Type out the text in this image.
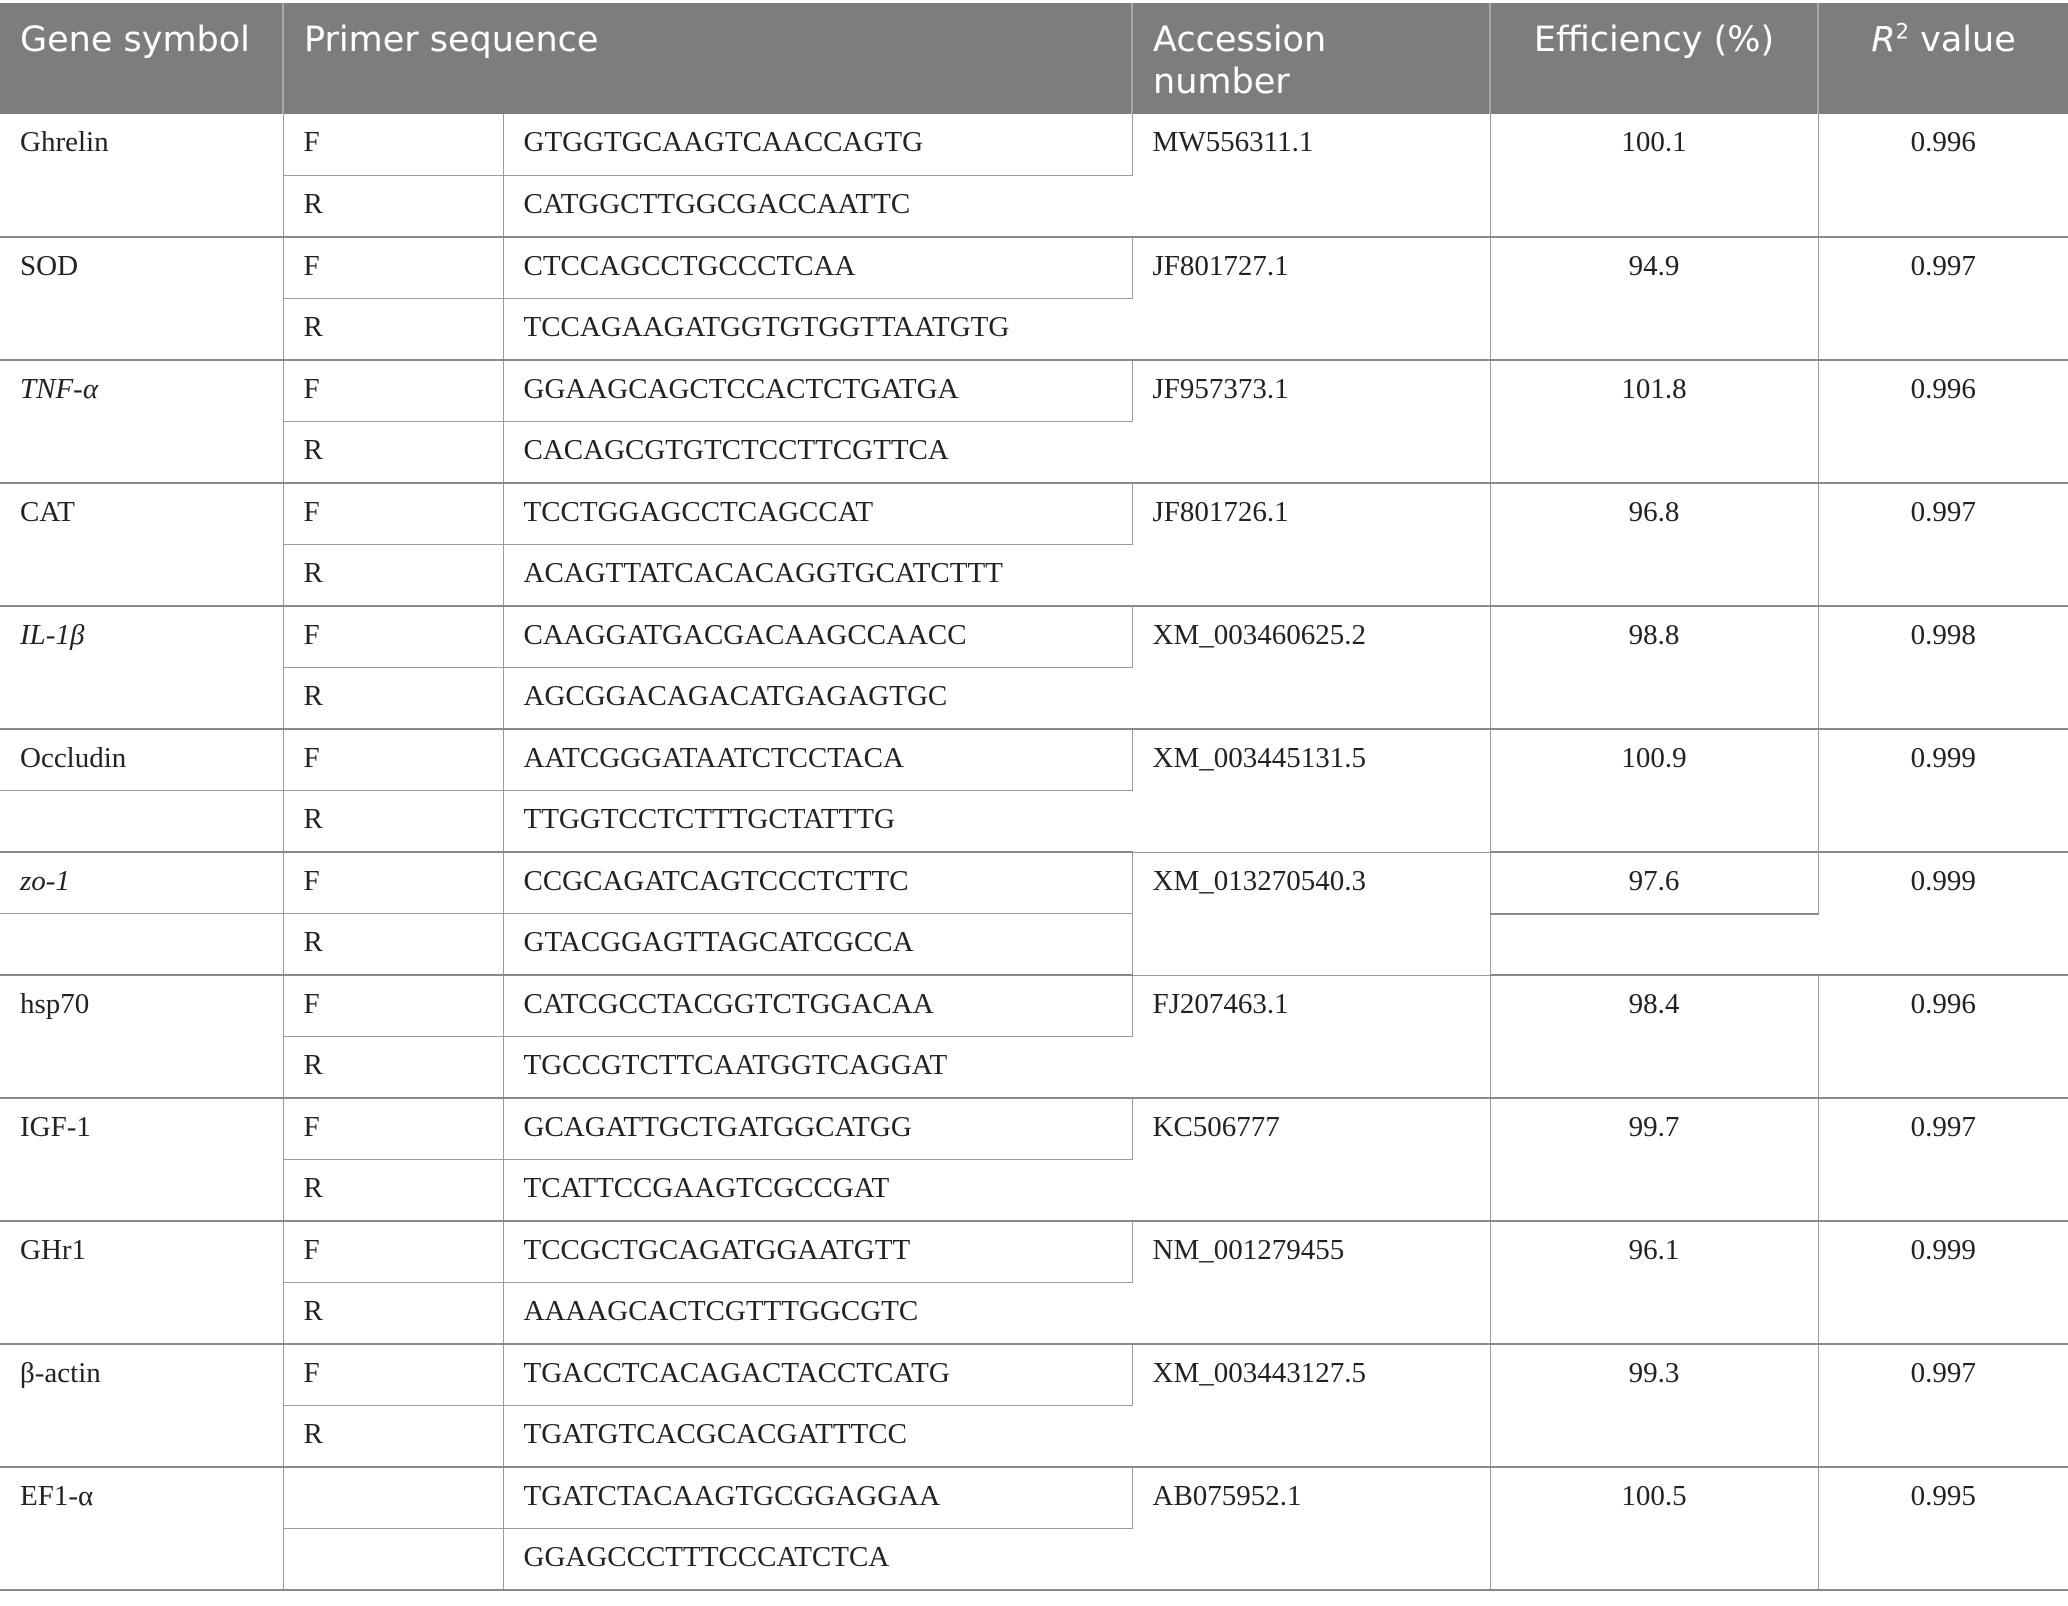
Gene symbol	Primer sequence		Accession number	Efficiency (%)	$R^2$ value
Ghrelin	F	GTGGTGCAAGTCAACCAGTG	MW556311.1	100.1	0.996
	R	CATGGCTTGGCGACCAATTC			
SOD	F	CTCCAGCCTGCCCTCAA	JF801727.1	94.9	0.997
	R	TCCAGAAGATGGTGTGGTTAATGTG			
TNF-α	F	GGAAGCAGCTCCACTCTGATGA	JF957373.1	101.8	0.996
	R	CACAGCGTGTCTCCTTCGTTCA			
CAT	F	TCCTGGAGCCTCAGCCAT	JF801726.1	96.8	0.997
	R	ACAGTTATCACACAGGTGCATCTTT			
IL-1β	F	CAAGGATGACGACAAGCCAACC	XM_003460625.2	98.8	0.998
	R	AGCGGACAGACATGAGAGTGC			
Occludin	F	AATCGGGATAATCTCCTACA	XM_003445131.5	100.9	0.999
	R	TTGGTCCTCTTTGCTATTTG			
zo-1	F	CCGCAGATCAGTCCCTCTTC	XM_013270540.3	97.6	0.999
	R	GTACGGAGTTAGCATCGCCA			
hsp70	F	CATCGCCTACGGTCTGGACAA	FJ207463.1	98.4	0.996
	R	TGCCGTCTTCAATGGTCAGGAT			
IGF-1	F	GCAGATTGCTGATGGCATGG	KC506777	99.7	0.997
	R	TCATTCCGAAGTCGCCGAT			
GHr1	F	TCCGCTGCAGATGGAATGTT	NM_001279455	96.1	0.999
	R	AAAAGCACTCGTTTGGCGTC			
β-actin	F	TGACCTCACAGACTACCTCATG	XM_003443127.5	99.3	0.997
	R	TGATGTCACGCACGATTTCC			
EF1-α		TGATCTACAAGTGCGGAGGAA	AB075952.1	100.5	0.995
		GGAGCCCTTTCCCATCTCA			
